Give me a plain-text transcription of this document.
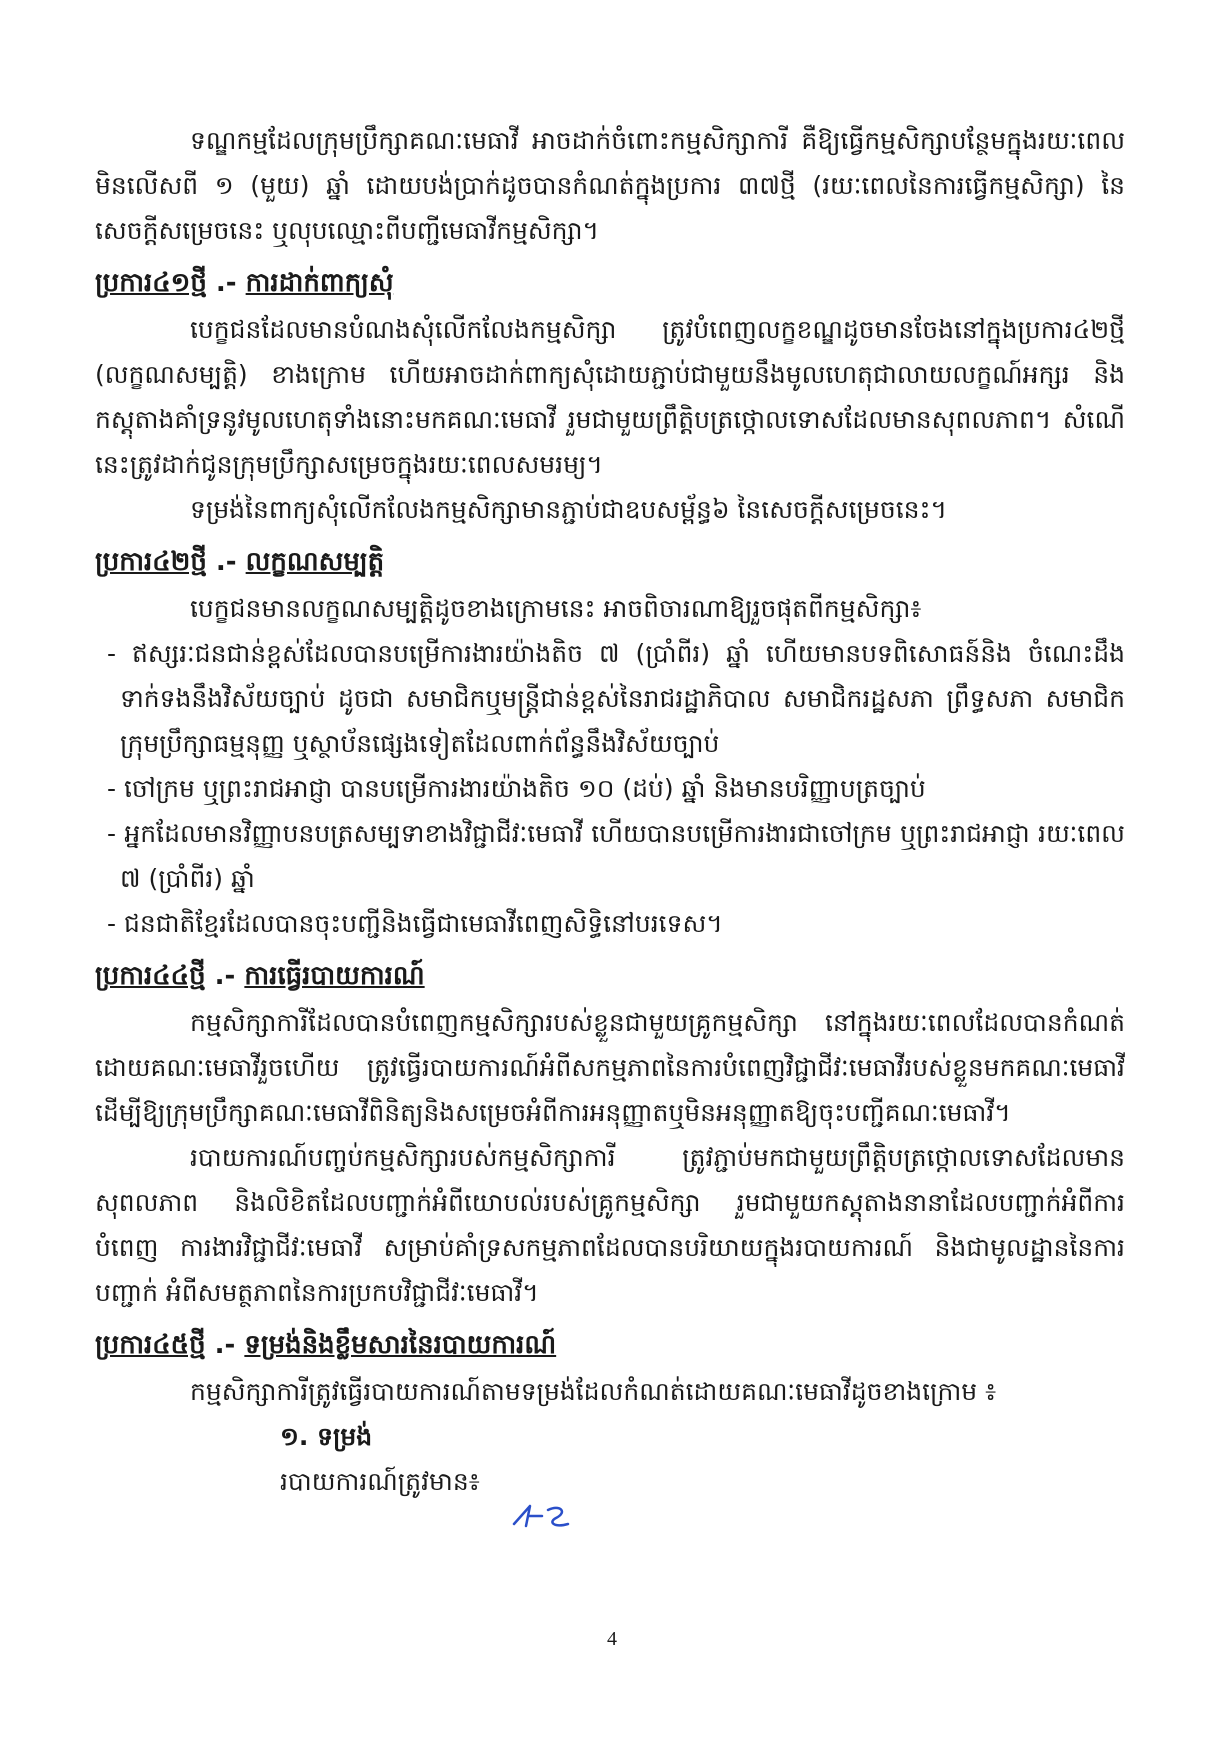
ទណ្ឌកម្មដែលក្រុមប្រឹក្សាគណៈមេធាវី អាចដាក់ចំពោះកម្មសិក្សាការី គឺឱ្យធ្វើកម្មសិក្សាបន្ថែមក្នុងរយៈពេល មិនលើសពី ១ (មួយ) ឆ្នាំ ដោយបង់ប្រាក់ដូចបានកំណត់ក្នុងប្រការ ៣៧ថ្មី (រយៈពេលនៃការធ្វើកម្មសិក្សា) នៃ សេចក្តីសម្រេចនេះ ឬលុបឈ្មោះពីបញ្ជីមេធាវីកម្មសិក្សា។

ប្រការ៤១ថ្មី .- ការដាក់ពាក្យសុំ

បេក្ខជនដែលមានបំណងសុំលើកលែងកម្មសិក្សា ត្រូវបំពេញលក្ខខណ្ឌដូចមានចែងនៅក្នុងប្រការ៤២ថ្មី (លក្ខណសម្បត្តិ) ខាងក្រោម ហើយអាចដាក់ពាក្យសុំដោយភ្ជាប់ជាមួយនឹងមូលហេតុជាលាយលក្ខណ៍អក្សរ និង កស្តុតាងគាំទ្រនូវមូលហេតុទាំងនោះមកគណៈមេធាវី រួមជាមួយព្រឹត្តិបត្រថ្កោលទោសដែលមានសុពលភាព។ សំណើនេះត្រូវដាក់ជូនក្រុមប្រឹក្សាសម្រេចក្នុងរយៈពេលសមរម្យ។

ទម្រង់នៃពាក្យសុំលើកលែងកម្មសិក្សាមានភ្ជាប់ជាឧបសម្ព័ន្ធ៦ នៃសេចក្តីសម្រេចនេះ។

ប្រការ៤២ថ្មី .- លក្ខណសម្បត្តិ

បេក្ខជនមានលក្ខណសម្បត្តិដូចខាងក្រោមនេះ អាចពិចារណាឱ្យរួចផុតពីកម្មសិក្សា៖

- ឥស្សរៈជនជាន់ខ្ពស់ដែលបានបម្រើការងារយ៉ាងតិច ៧ (ប្រាំពីរ) ឆ្នាំ ហើយមានបទពិសោធន៍និង ចំណេះដឹងទាក់ទងនឹងវិស័យច្បាប់ ដូចជា សមាជិកឬមន្ត្រីជាន់ខ្ពស់នៃរាជរដ្ឋាភិបាល សមាជិករដ្ឋសភា ព្រឹទ្ធសភា សមាជិកក្រុមប្រឹក្សាធម្មនុញ្ញ ឬស្ថាប័នផ្សេងទៀតដែលពាក់ព័ន្ធនឹងវិស័យច្បាប់

- ចៅក្រម ឬព្រះរាជអាជ្ញា បានបម្រើការងារយ៉ាងតិច ១០ (ដប់) ឆ្នាំ និងមានបរិញ្ញាបត្រច្បាប់

- អ្នកដែលមានវិញ្ញាបនបត្រសម្បទាខាងវិជ្ជាជីវៈមេធាវី ហើយបានបម្រើការងារជាចៅក្រម ឬព្រះរាជអាជ្ញា រយៈពេល ៧ (ប្រាំពីរ) ឆ្នាំ

- ជនជាតិខ្មែរដែលបានចុះបញ្ជីនិងធ្វើជាមេធាវីពេញសិទ្ធិនៅបរទេស។

ប្រការ៤៤ថ្មី .- ការធ្វើរបាយការណ៍

កម្មសិក្សាការីដែលបានបំពេញកម្មសិក្សារបស់ខ្លួនជាមួយគ្រូកម្មសិក្សា នៅក្នុងរយៈពេលដែលបានកំណត់ ដោយគណៈមេធាវីរួចហើយ ត្រូវធ្វើរបាយការណ៍អំពីសកម្មភាពនៃការបំពេញវិជ្ជាជីវៈមេធាវីរបស់ខ្លួនមកគណៈមេធាវី ដើម្បីឱ្យក្រុមប្រឹក្សាគណៈមេធាវីពិនិត្យនិងសម្រេចអំពីការអនុញ្ញាតឬមិនអនុញ្ញាតឱ្យចុះបញ្ជីគណៈមេធាវី។

របាយការណ៍បញ្ចប់កម្មសិក្សារបស់កម្មសិក្សាការី ត្រូវភ្ជាប់មកជាមួយព្រឹត្តិបត្រថ្កោលទោសដែលមាន សុពលភាព និងលិខិតដែលបញ្ជាក់អំពីយោបល់របស់គ្រូកម្មសិក្សា រួមជាមួយកស្តុតាងនានាដែលបញ្ជាក់អំពីការបំពេញ ការងារវិជ្ជាជីវៈមេធាវី សម្រាប់គាំទ្រសកម្មភាពដែលបានបរិយាយក្នុងរបាយការណ៍ និងជាមូលដ្ឋាននៃការបញ្ជាក់ អំពីសមត្ថភាពនៃការប្រកបវិជ្ជាជីវៈមេធាវី។

ប្រការ៤៥ថ្មី .- ទម្រង់និងខ្លឹមសារនៃរបាយការណ៍

កម្មសិក្សាការីត្រូវធ្វើរបាយការណ៍តាមទម្រង់ដែលកំណត់ដោយគណៈមេធាវីដូចខាងក្រោម ៖

១. ទម្រង់

របាយការណ៍ត្រូវមាន៖

4
